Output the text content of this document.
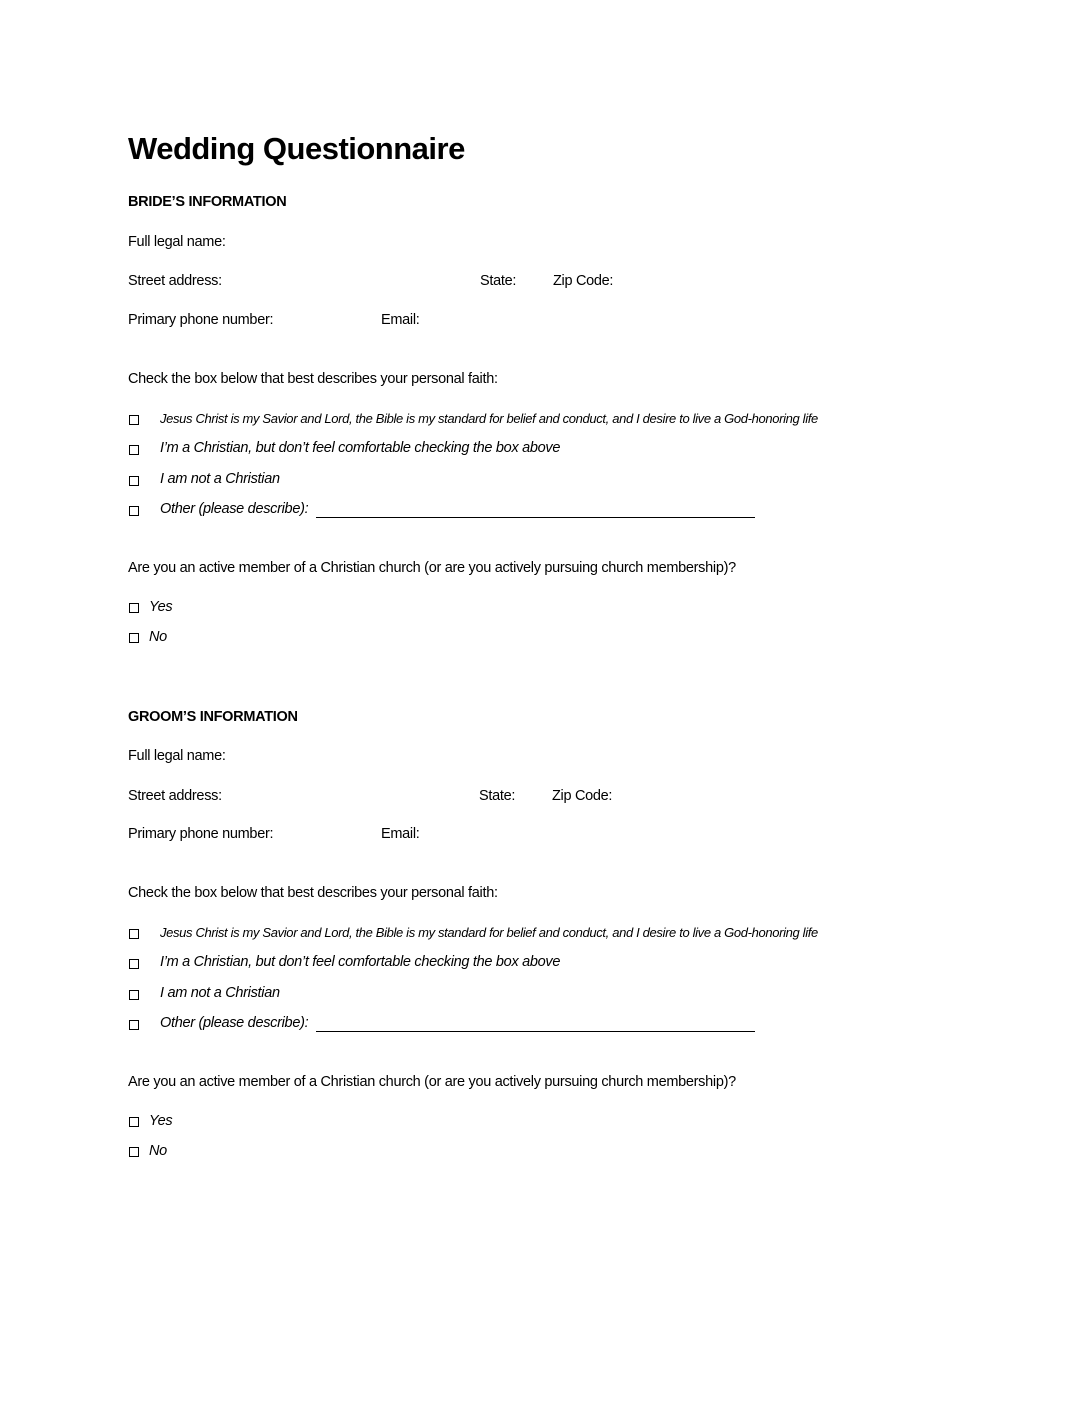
Wedding Questionnaire
BRIDE’S INFORMATION
Full legal name:
Street address:	State:	Zip Code:
Primary phone number:	Email:
Check the box below that best describes your personal faith:
Jesus Christ is my Savior and Lord, the Bible is my standard for belief and conduct, and I desire to live a God-honoring life
I’m a Christian, but don’t feel comfortable checking the box above
I am not a Christian
Other (please describe):
Are you an active member of a Christian church (or are you actively pursuing church membership)?
Yes
No
GROOM’S INFORMATION
Full legal name:
Street address:	State:	Zip Code:
Primary phone number:	Email:
Check the box below that best describes your personal faith:
Jesus Christ is my Savior and Lord, the Bible is my standard for belief and conduct, and I desire to live a God-honoring life
I’m a Christian, but don’t feel comfortable checking the box above
I am not a Christian
Other (please describe):
Are you an active member of a Christian church (or are you actively pursuing church membership)?
Yes
No
